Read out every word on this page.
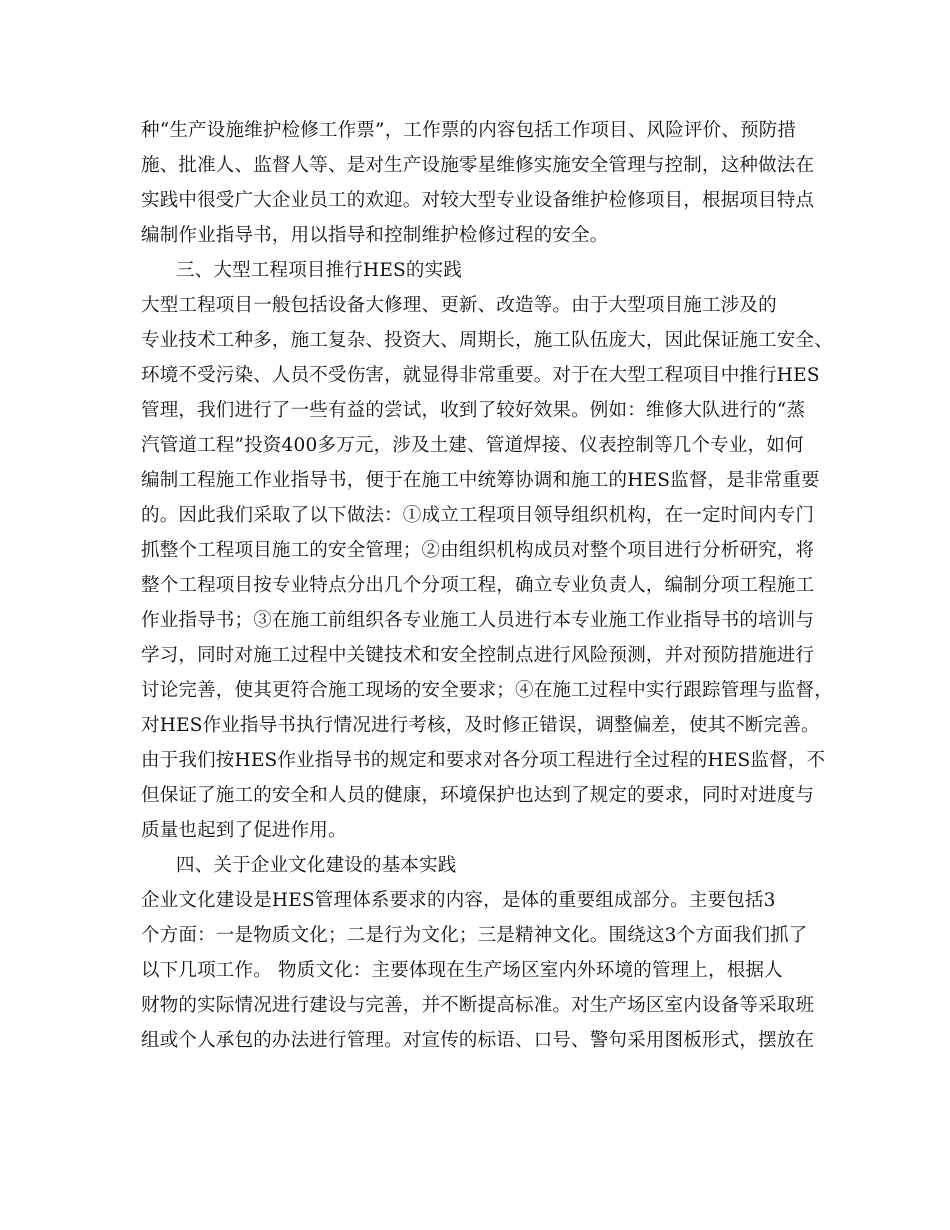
种“生产设施维护检修工作票”，工作票的内容包括工作项目、风险评价、预防措
施、批准人、监督人等、是对生产设施零星维修实施安全管理与控制，这种做法在
实践中很受广大企业员工的欢迎。对较大型专业设备维护检修项目，根据项目特点
编制作业指导书，用以指导和控制维护检修过程的安全。
三、大型工程项目推行HES的实践
大型工程项目一般包括设备大修理、更新、改造等。由于大型项目施工涉及的
专业技术工种多，施工复杂、投资大、周期长，施工队伍庞大，因此保证施工安全、
环境不受污染、人员不受伤害，就显得非常重要。对于在大型工程项目中推行HES
管理，我们进行了一些有益的尝试，收到了较好效果。例如：维修大队进行的“蒸
汽管道工程”投资400多万元，涉及土建、管道焊接、仪表控制等几个专业，如何
编制工程施工作业指导书，便于在施工中统筹协调和施工的HES监督，是非常重要
的。因此我们采取了以下做法：①成立工程项目领导组织机构，在一定时间内专门
抓整个工程项目施工的安全管理；②由组织机构成员对整个项目进行分析研究，将
整个工程项目按专业特点分出几个分项工程，确立专业负责人，编制分项工程施工
作业指导书；③在施工前组织各专业施工人员进行本专业施工作业指导书的培训与
学习，同时对施工过程中关键技术和安全控制点进行风险预测，并对预防措施进行
讨论完善，使其更符合施工现场的安全要求；④在施工过程中实行跟踪管理与监督，
对HES作业指导书执行情况进行考核，及时修正错误，调整偏差，使其不断完善。
由于我们按HES作业指导书的规定和要求对各分项工程进行全过程的HES监督，不
但保证了施工的安全和人员的健康，环境保护也达到了规定的要求，同时对进度与
质量也起到了促进作用。
四、关于企业文化建设的基本实践
企业文化建设是HES管理体系要求的内容，是体的重要组成部分。主要包括3
个方面：一是物质文化；二是行为文化；三是精神文化。围绕这3个方面我们抓了
以下几项工作。 物质文化：主要体现在生产场区室内外环境的管理上，根据人
财物的实际情况进行建设与完善，并不断提高标准。对生产场区室内设备等采取班
组或个人承包的办法进行管理。对宣传的标语、口号、警句采用图板形式，摆放在
